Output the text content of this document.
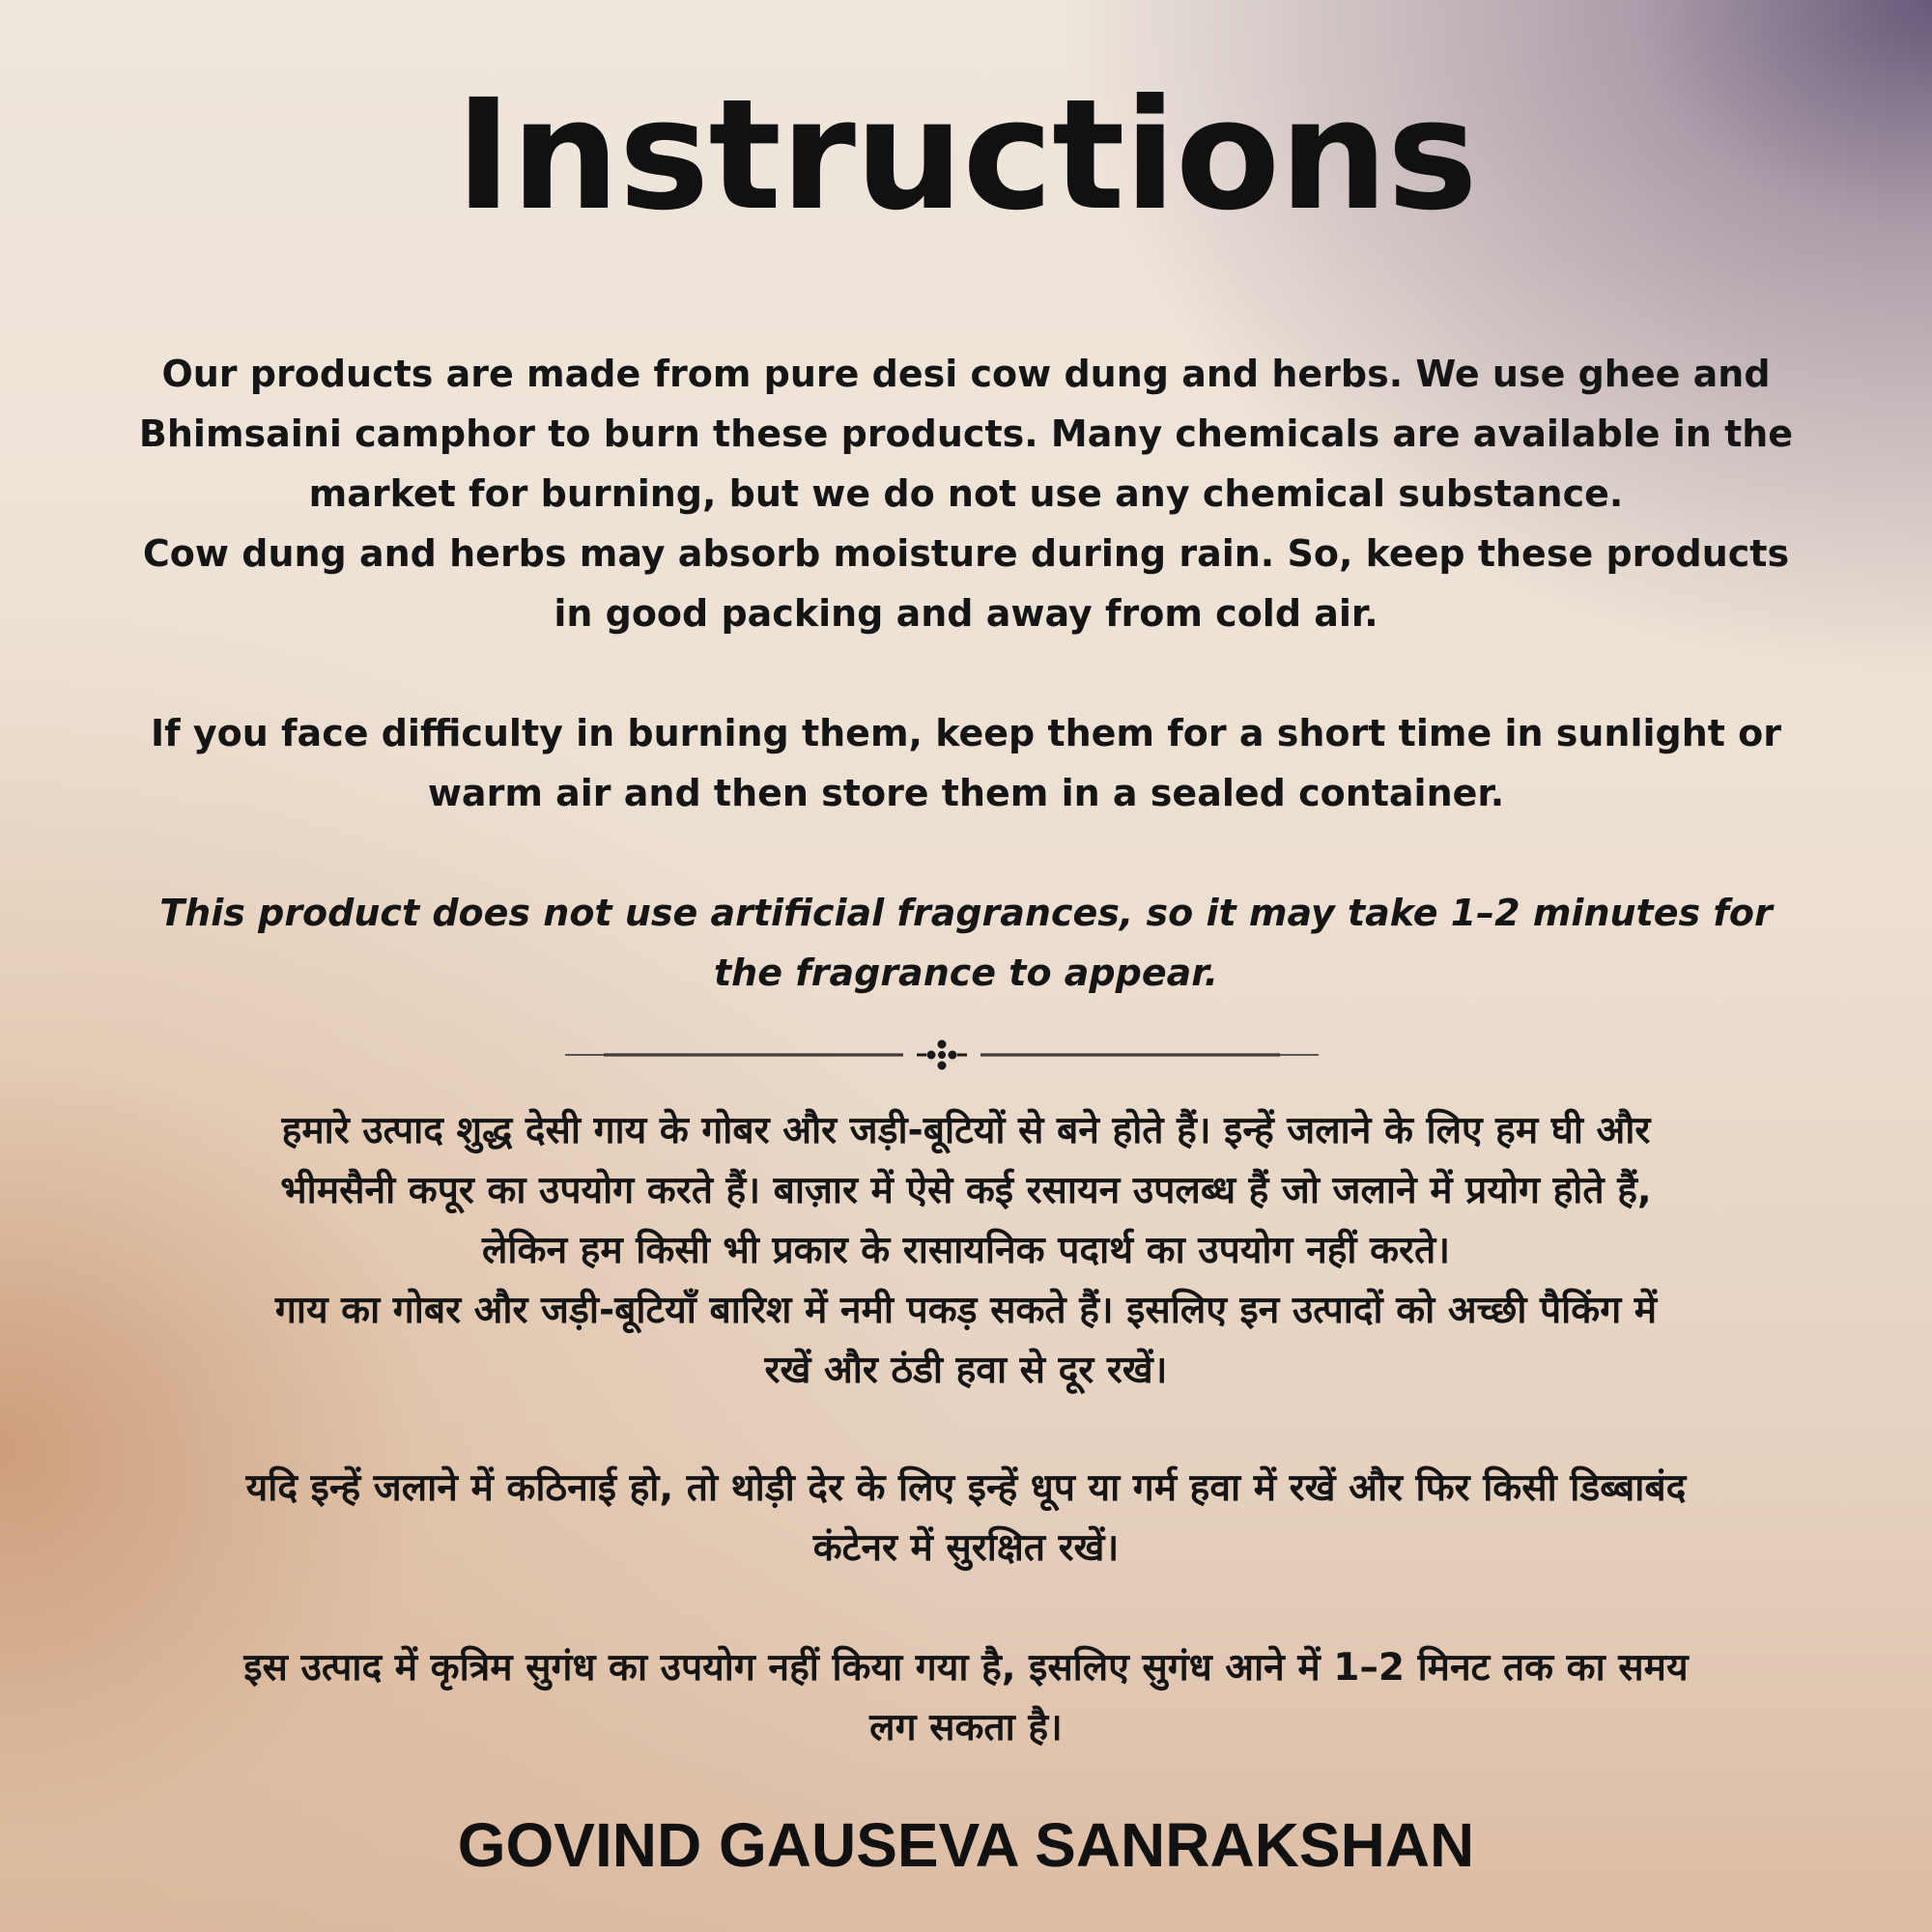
Instructions
Our products are made from pure desi cow dung and herbs. We use ghee and
Bhimsaini camphor to burn these products. Many chemicals are available in the
market for burning, but we do not use any chemical substance.
Cow dung and herbs may absorb moisture during rain. So, keep these products
in good packing and away from cold air.
If you face difficulty in burning them, keep them for a short time in sunlight or
warm air and then store them in a sealed container.
This product does not use artificial fragrances, so it may take 1–2 minutes for
the fragrance to appear.
हमारे उत्पाद शुद्ध देसी गाय के गोबर और जड़ी-बूटियों से बने होते हैं। इन्हें जलाने के लिए हम घी और
भीमसैनी कपूर का उपयोग करते हैं। बाज़ार में ऐसे कई रसायन उपलब्ध हैं जो जलाने में प्रयोग होते हैं,
लेकिन हम किसी भी प्रकार के रासायनिक पदार्थ का उपयोग नहीं करते।
गाय का गोबर और जड़ी-बूटियाँ बारिश में नमी पकड़ सकते हैं। इसलिए इन उत्पादों को अच्छी पैकिंग में
रखें और ठंडी हवा से दूर रखें।
यदि इन्हें जलाने में कठिनाई हो, तो थोड़ी देर के लिए इन्हें धूप या गर्म हवा में रखें और फिर किसी डिब्बाबंद
कंटेनर में सुरक्षित रखें।
इस उत्पाद में कृत्रिम सुगंध का उपयोग नहीं किया गया है, इसलिए सुगंध आने में 1–2 मिनट तक का समय
लग सकता है।
GOVIND GAUSEVA SANRAKSHAN
